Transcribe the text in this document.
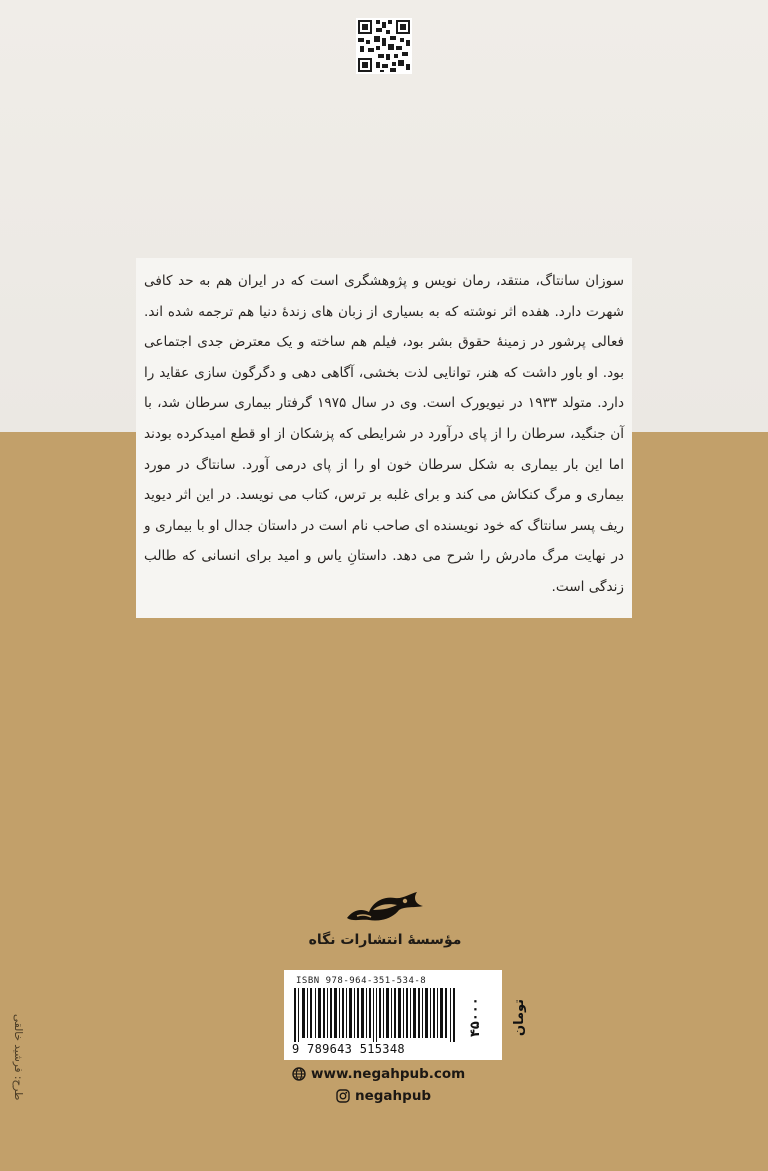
سوزان سانتاگ، منتقد، رمان نویس و پژوهشگری است که در ایران هم به حد کافی شهرت دارد. هفده اثر نوشته که به بسیاری از زبان های زندهٔ دنیا هم ترجمه شده اند. فعالی پرشور در زمینهٔ حقوق بشر بود، فیلم هم ساخته و یک معترض جدی اجتماعی بود. او باور داشت که هنر، توانایی لذت بخشی، آگاهی دهی و دگرگون سازی عقاید را دارد. متولد ۱۹۳۳ در نیویورک است. وی در سال ۱۹۷۵ گرفتار بیماری سرطان شد، با آن جنگید، سرطان را از پای درآورد در شرایطی که پزشکان از او قطع امیدکرده بودند اما این بار بیماری به شکل سرطان خون او را از پای درمی آورد. سانتاگ در مورد بیماری و مرگ کنکاش می کند و برای غلبه بر ترس، کتاب می نویسد. در این اثر دیوید ریف پسر سانتاگ که خود نویسنده ای صاحب نام است در داستان جدال او با بیماری و در نهایت مرگ مادرش را شرح می دهد. داستانِ یاس و امید برای انسانی که طالب زندگی است.

مؤسسهٔ انتشارات نگاه
ISBN 978-964-351-534-8
9 789643 515348
۴۵۰۰۰ تومان
www.negahpub.com
negahpub
طرح: فرشید خالقی
